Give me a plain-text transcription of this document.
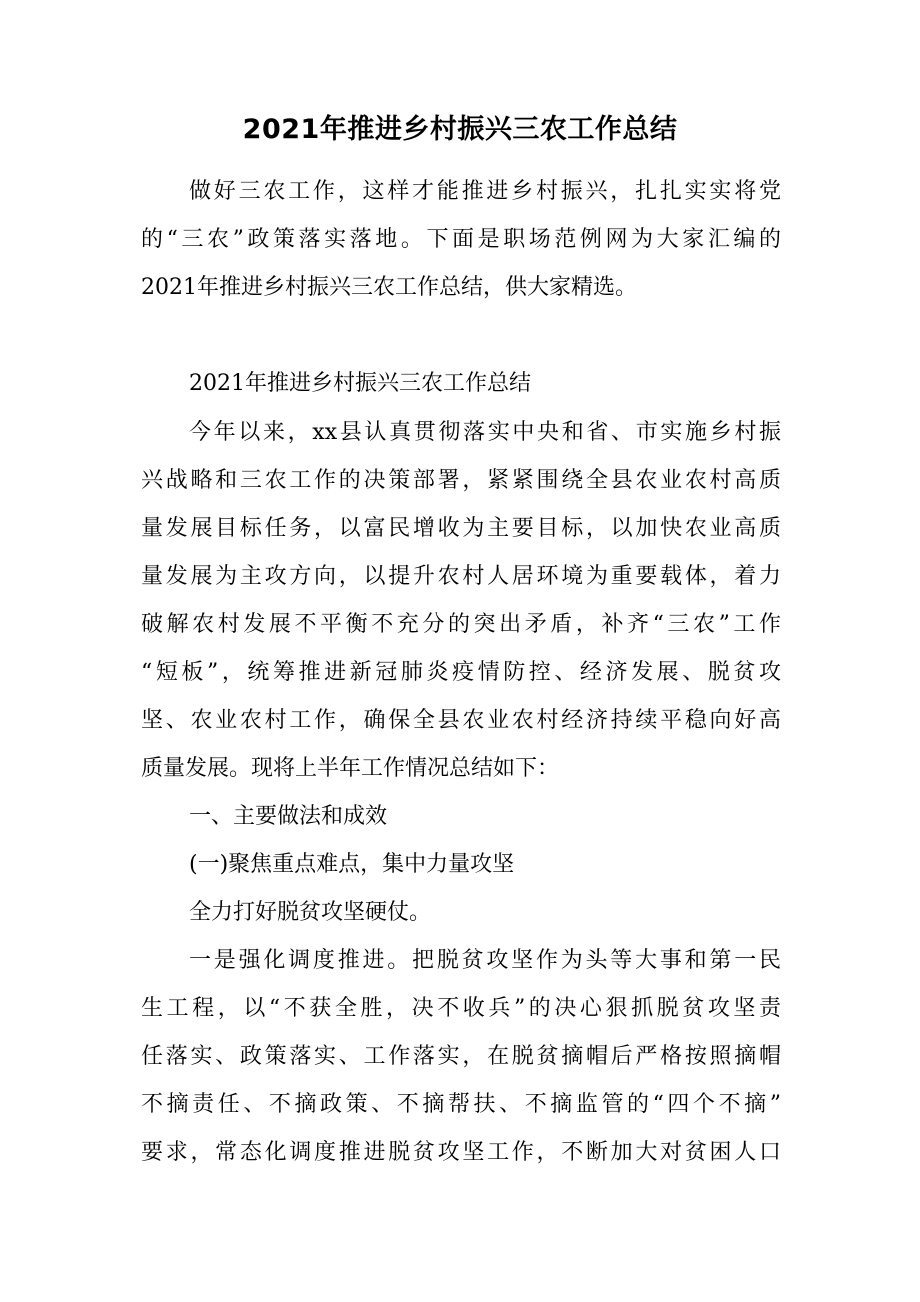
2021年推进乡村振兴三农工作总结
做好三农工作，这样才能推进乡村振兴，扎扎实实将党
的“三农”政策落实落地。下面是职场范例网为大家汇编的
2021年推进乡村振兴三农工作总结，供大家精选。
2021年推进乡村振兴三农工作总结
今年以来，xx县认真贯彻落实中央和省、市实施乡村振
兴战略和三农工作的决策部署，紧紧围绕全县农业农村高质
量发展目标任务，以富民增收为主要目标，以加快农业高质
量发展为主攻方向，以提升农村人居环境为重要载体，着力
破解农村发展不平衡不充分的突出矛盾，补齐“三农”工作
“短板”，统筹推进新冠肺炎疫情防控、经济发展、脱贫攻
坚、农业农村工作，确保全县农业农村经济持续平稳向好高
质量发展。现将上半年工作情况总结如下：
一、主要做法和成效
(一)聚焦重点难点，集中力量攻坚
全力打好脱贫攻坚硬仗。
一是强化调度推进。把脱贫攻坚作为头等大事和第一民
生工程，以“不获全胜，决不收兵”的决心狠抓脱贫攻坚责
任落实、政策落实、工作落实，在脱贫摘帽后严格按照摘帽
不摘责任、不摘政策、不摘帮扶、不摘监管的“四个不摘”
要求，常态化调度推进脱贫攻坚工作，不断加大对贫困人口
